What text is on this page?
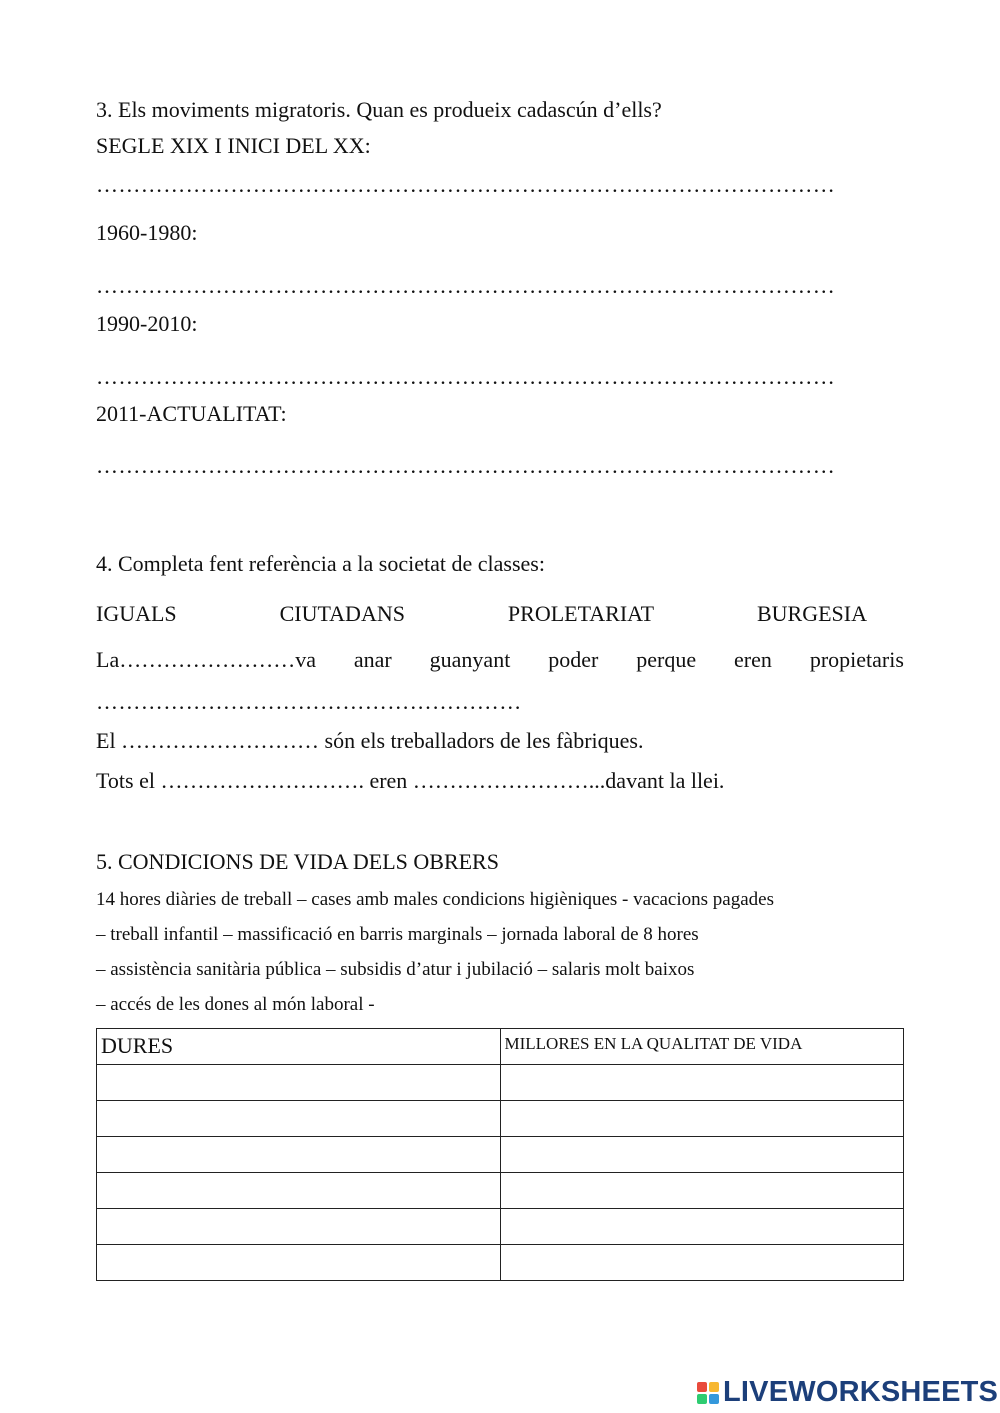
3. Els moviments migratoris. Quan es produeix cadascún d’ells?
SEGLE XIX I INICI DEL XX:
………………………………………………………………………………………
1960-1980:
………………………………………………………………………………………
1990-2010:
………………………………………………………………………………………
2011-ACTUALITAT:
………………………………………………………………………………………
4. Completa fent referència a la societat de classes:
IGUALS	CIUTADANS	PROLETARIAT	BURGESIA
La……………………va anar guanyant poder perque eren propietaris
…………………………………………………
El ……………………… són els treballadors de les fàbriques.
Tots el ………………………. eren ……………………...davant la llei.
5. CONDICIONS DE VIDA DELS OBRERS
14 hores diàries de treball – cases amb males condicions higièniques - vacacions pagades
– treball infantil – massificació en barris marginals – jornada laboral de 8 hores
– assistència sanitària pública – subsidis d’atur i jubilació – salaris molt baixos
– accés de les dones al món laboral -
DURES	MILLORES EN LA QUALITAT DE VIDA

LIVEWORKSHEETS
